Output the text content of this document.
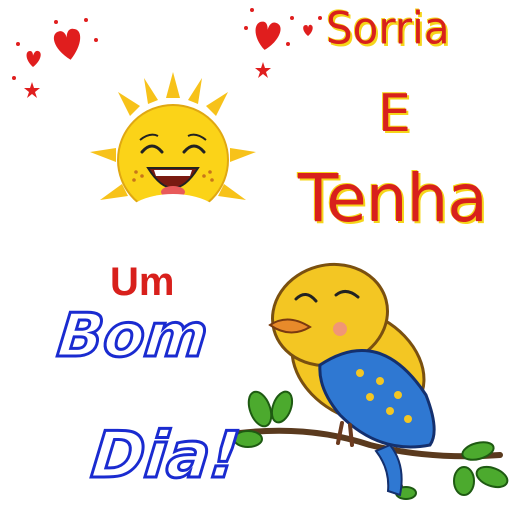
Sorria
E
Tenha
Um
Bom
Dia!
